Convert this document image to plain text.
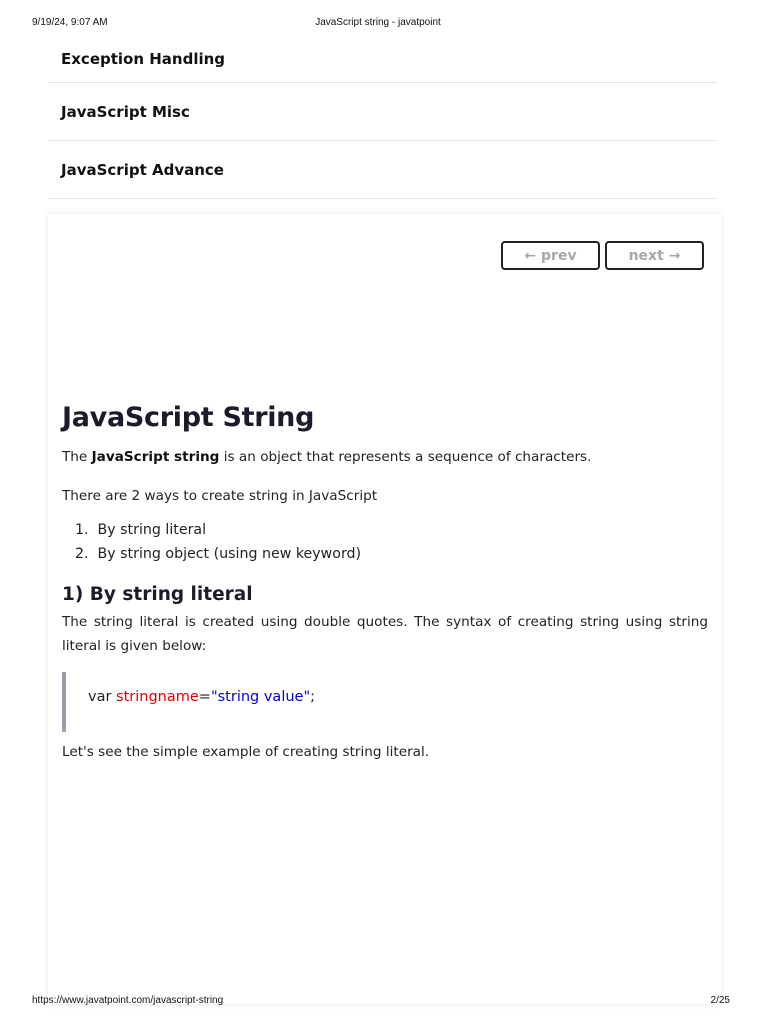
9/19/24, 9:07 AM	JavaScript string - javatpoint
Exception Handling
JavaScript Misc
JavaScript Advance
← prev	next →
JavaScript String

The JavaScript string is an object that represents a sequence of characters.

There are 2 ways to create string in JavaScript

1. By string literal
2. By string object (using new keyword)
1) By string literal

The string literal is created using double quotes. The syntax of creating string using string literal is given below:

var stringname="string value";

Let's see the simple example of creating string literal.

https://www.javatpoint.com/javascript-string	2/25
